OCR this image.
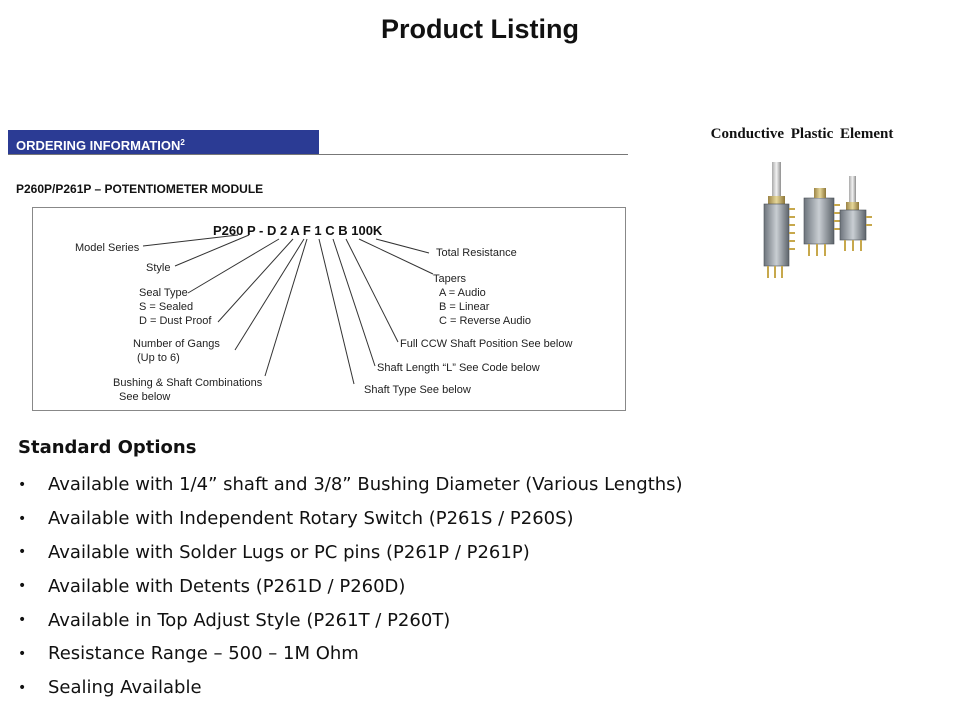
Product Listing
ORDERING INFORMATION$^2$
P260P/P261P – POTENTIOMETER MODULE
P260 P - D 2 A F 1 C B 100K
Model Series
Style
Seal Type
S = Sealed
D = Dust Proof
Number of Gangs
(Up to 6)
Bushing & Shaft Combinations
See below
Total Resistance
Tapers
A = Audio
B = Linear
C = Reverse Audio
Full CCW Shaft Position See below
Shaft Length “L” See Code below
Shaft Type See below
Conductive Plastic Element
Standard Options
•	Available with 1/4” shaft and 3/8” Bushing Diameter (Various Lengths)
•	Available with Independent Rotary Switch (P261S / P260S)
•	Available with Solder Lugs or PC pins (P261P / P261P)
•	Available with Detents (P261D / P260D)
•	Available in Top Adjust Style (P261T / P260T)
•	Resistance Range – 500 – 1M Ohm
•	Sealing Available
